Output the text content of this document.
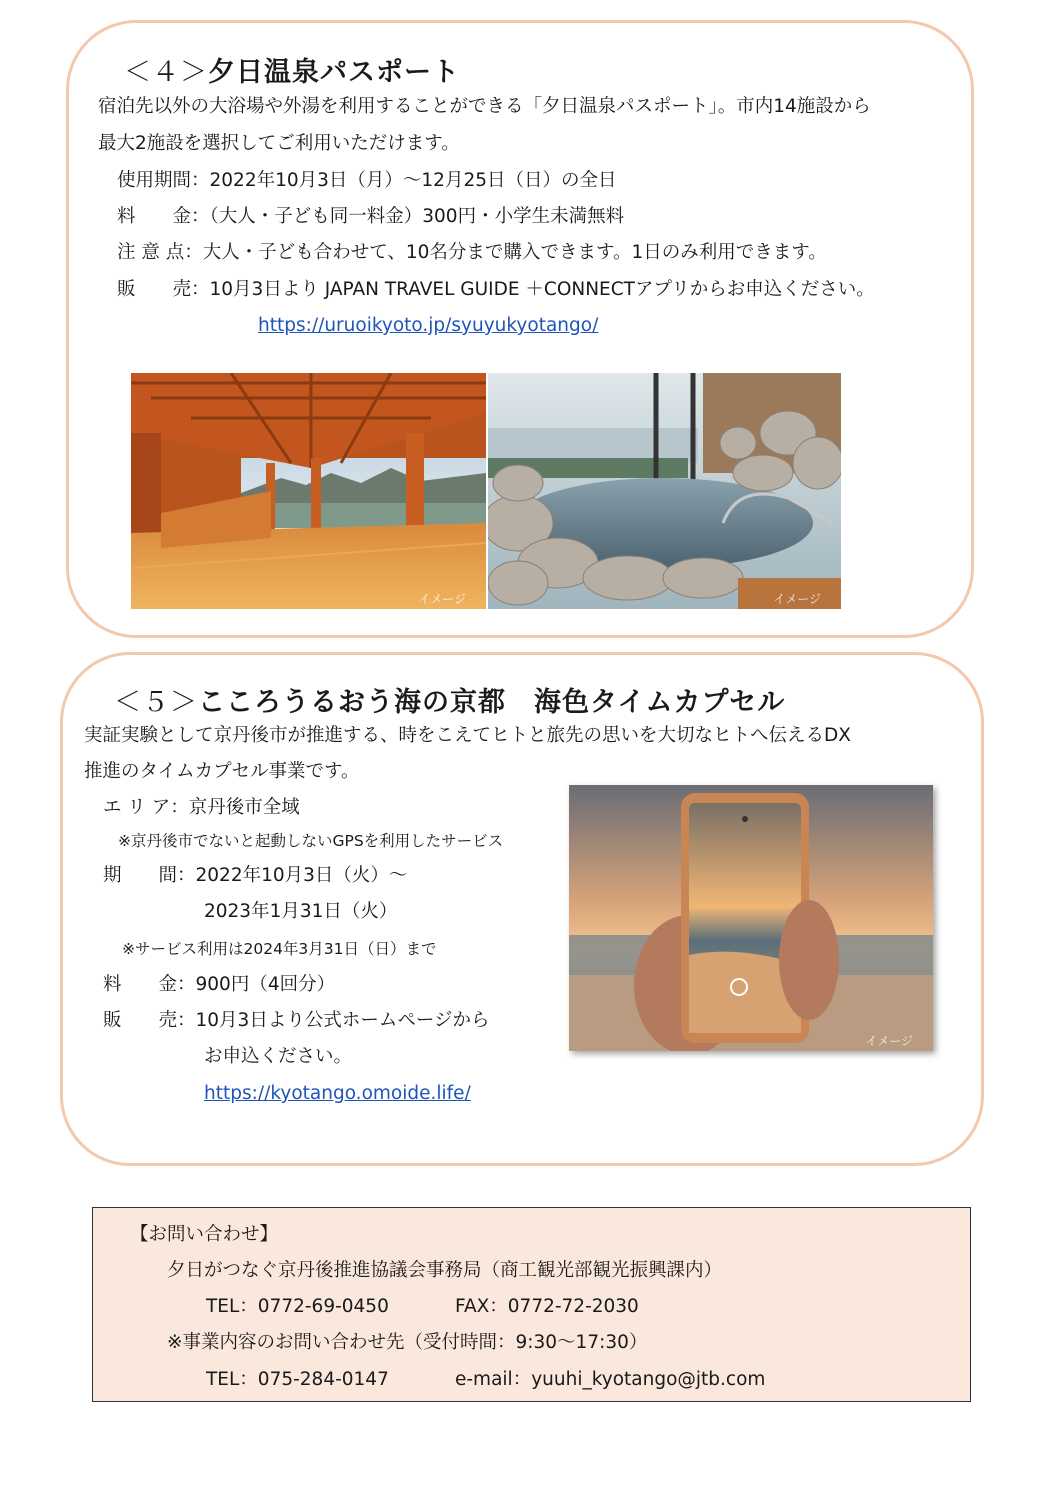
＜４＞夕日温泉パスポート
宿泊先以外の大浴場や外湯を利用することができる「夕日温泉パスポート」。市内14施設から
最大2施設を選択してご利用いただけます。
使用期間：2022年10月3日（月）～12月25日（日）の全日
料　　金：（大人・子ども同一料金）300円・小学生未満無料
注 意 点：大人・子ども合わせて、10名分まで購入できます。1日のみ利用できます。
販　　売：10月3日より JAPAN TRAVEL GUIDE ＋CONNECTアプリからお申込ください。
https://uruoikyoto.jp/syuyukyotango/
イメージ	イメージ
＜５＞こころうるおう海の京都　海色タイムカプセル
実証実験として京丹後市が推進する、時をこえてヒトと旅先の思いを大切なヒトへ伝えるDX
推進のタイムカプセル事業です。
エ リ ア：京丹後市全域
※京丹後市でないと起動しないGPSを利用したサービス
期　　間：2022年10月3日（火）～
2023年1月31日（火）
※サービス利用は2024年3月31日（日）まで
料　　金：900円（4回分）
販　　売：10月3日より公式ホームページから
お申込ください。
https://kyotango.omoide.life/
イメージ
【お問い合わせ】
夕日がつなぐ京丹後推進協議会事務局（商工観光部観光振興課内）
TEL：0772-69-0450	FAX：0772-72-2030
※事業内容のお問い合わせ先（受付時間：9:30～17:30）
TEL：075-284-0147	e-mail：yuuhi_kyotango@jtb.com
